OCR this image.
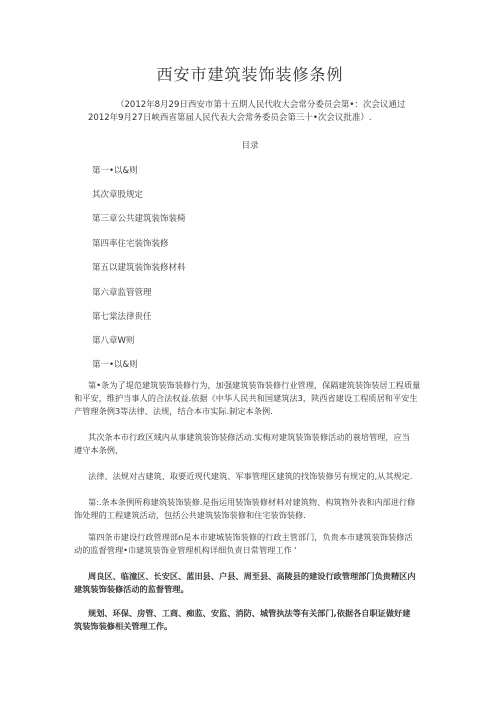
西安市建筑装饰装修条例
（2012年8月29日西安市第十五期人民代收大会常分委员会第•：次会议通过
2012年9月27日峡西省第届人民代表大会常务委员会第三十•次会议批准）.
目录
第一•以&则
其次章股规定
第三章公共建筑装饰装椅
第四率住宅装饰装修
第五以建筑装饰装修材料
第六章监管管理
第七棠法律贵任
第八章W则
第一•以&则
第•条为了堤范建筑装饰装修行为，加强建筑装饰装修行业管理，保隔建筑装饰装居工程质量
和平安，维护当事人的合法权益.依据《中华人民共和国建筑法3，陕西省建设工程质居和平安生
产管理条例3等法律、法规，结合本市实际.制定本条例.
其次条本市行政区域内从事建筑装饰装修活动.实梅对建筑装饰装修活动的蓑培管理，应当
遵守本条例，
法律、法规对古建筑、取要近现代建筑、军事管理区建筑的找饰装修另有规定的,从其规定.
第:.条本条例所称建筑装饰装修.是指运用装饰装修材料对建筑物、构筑物外表和内部进行修
饰处理的工程建筑活动，包括公共建筑装饰装修和住宅装饰装修.
第四条市建设行政管理部n是本市建城装饰装修的行政主管部门，负贵本市建筑装饰装修活
动的监督管理•巾建筑装饰业管理机构详细负责日常管理工作 ‘
周良区、临潼区、长安区、蓝田县、户县、周至县、高陵县的建设行政管理部门负贵精区内
建筑装饰装修活动的监督管理。
规划、环保、房管、工商、痴监、安监、消防、城管执法等有关部门,依据各自职证做好建
筑装饰装修相关管理工作。
